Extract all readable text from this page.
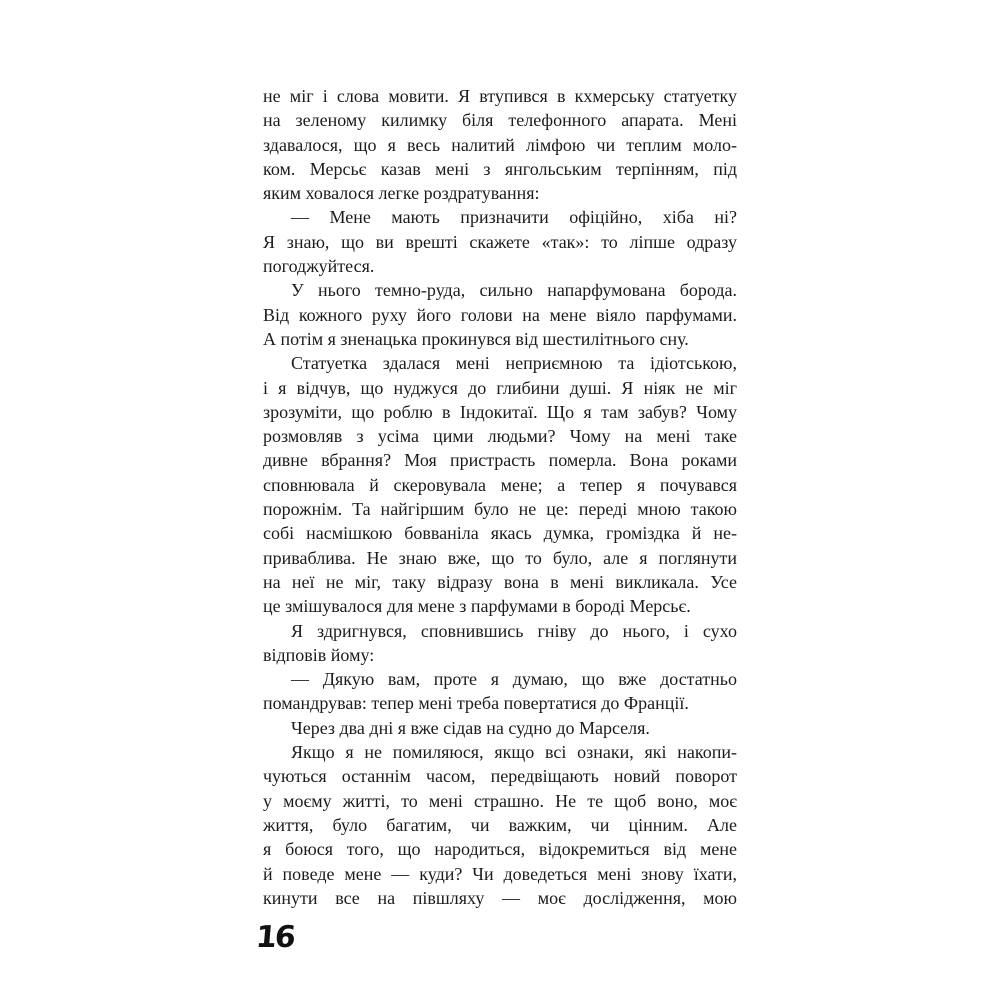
не міг і слова мовити. Я втупився в кхмерську статуетку
на зеленому килимку біля телефонного апарата. Мені
здавалося, що я весь налитий лімфою чи теплим моло-
ком. Мерсьє казав мені з янгольським терпінням, під
яким ховалося легке роздратування:

— Мене мають призначити офіційно, хіба ні?
Я знаю, що ви врешті скажете «так»: то ліпше одразу
погоджуйтеся.

У нього темно-руда, сильно напарфумована борода.
Від кожного руху його голови на мене віяло парфумами.
А потім я зненацька прокинувся від шестилітнього сну.

Статуетка здалася мені неприємною та ідіотською,
і я відчув, що нуджуся до глибини душі. Я ніяк не міг
зрозуміти, що роблю в Індокитаї. Що я там забув? Чому
розмовляв з усіма цими людьми? Чому на мені таке
дивне вбрання? Моя пристрасть померла. Вона роками
сповнювала й скеровувала мене; а тепер я почувався
порожнім. Та найгіршим було не це: переді мною такою
собі насмішкою бовваніла якась думка, громіздка й не-
приваблива. Не знаю вже, що то було, але я поглянути
на неї не міг, таку відразу вона в мені викликала. Усе
це змішувалося для мене з парфумами в бороді Мерсьє.

Я здригнувся, сповнившись гніву до нього, і сухо
відповів йому:

— Дякую вам, проте я думаю, що вже достатньо
помандрував: тепер мені треба повертатися до Франції.

Через два дні я вже сідав на судно до Марселя.

Якщо я не помиляюся, якщо всі ознаки, які накопи-
чуються останнім часом, передвіщають новий поворот
у моєму житті, то мені страшно. Не те щоб воно, моє
життя, було багатим, чи важким, чи цінним. Але
я боюся того, що народиться, відокремиться від мене
й поведе мене — куди? Чи доведеться мені знову їхати,
кинути все на півшляху — моє дослідження, мою

16
